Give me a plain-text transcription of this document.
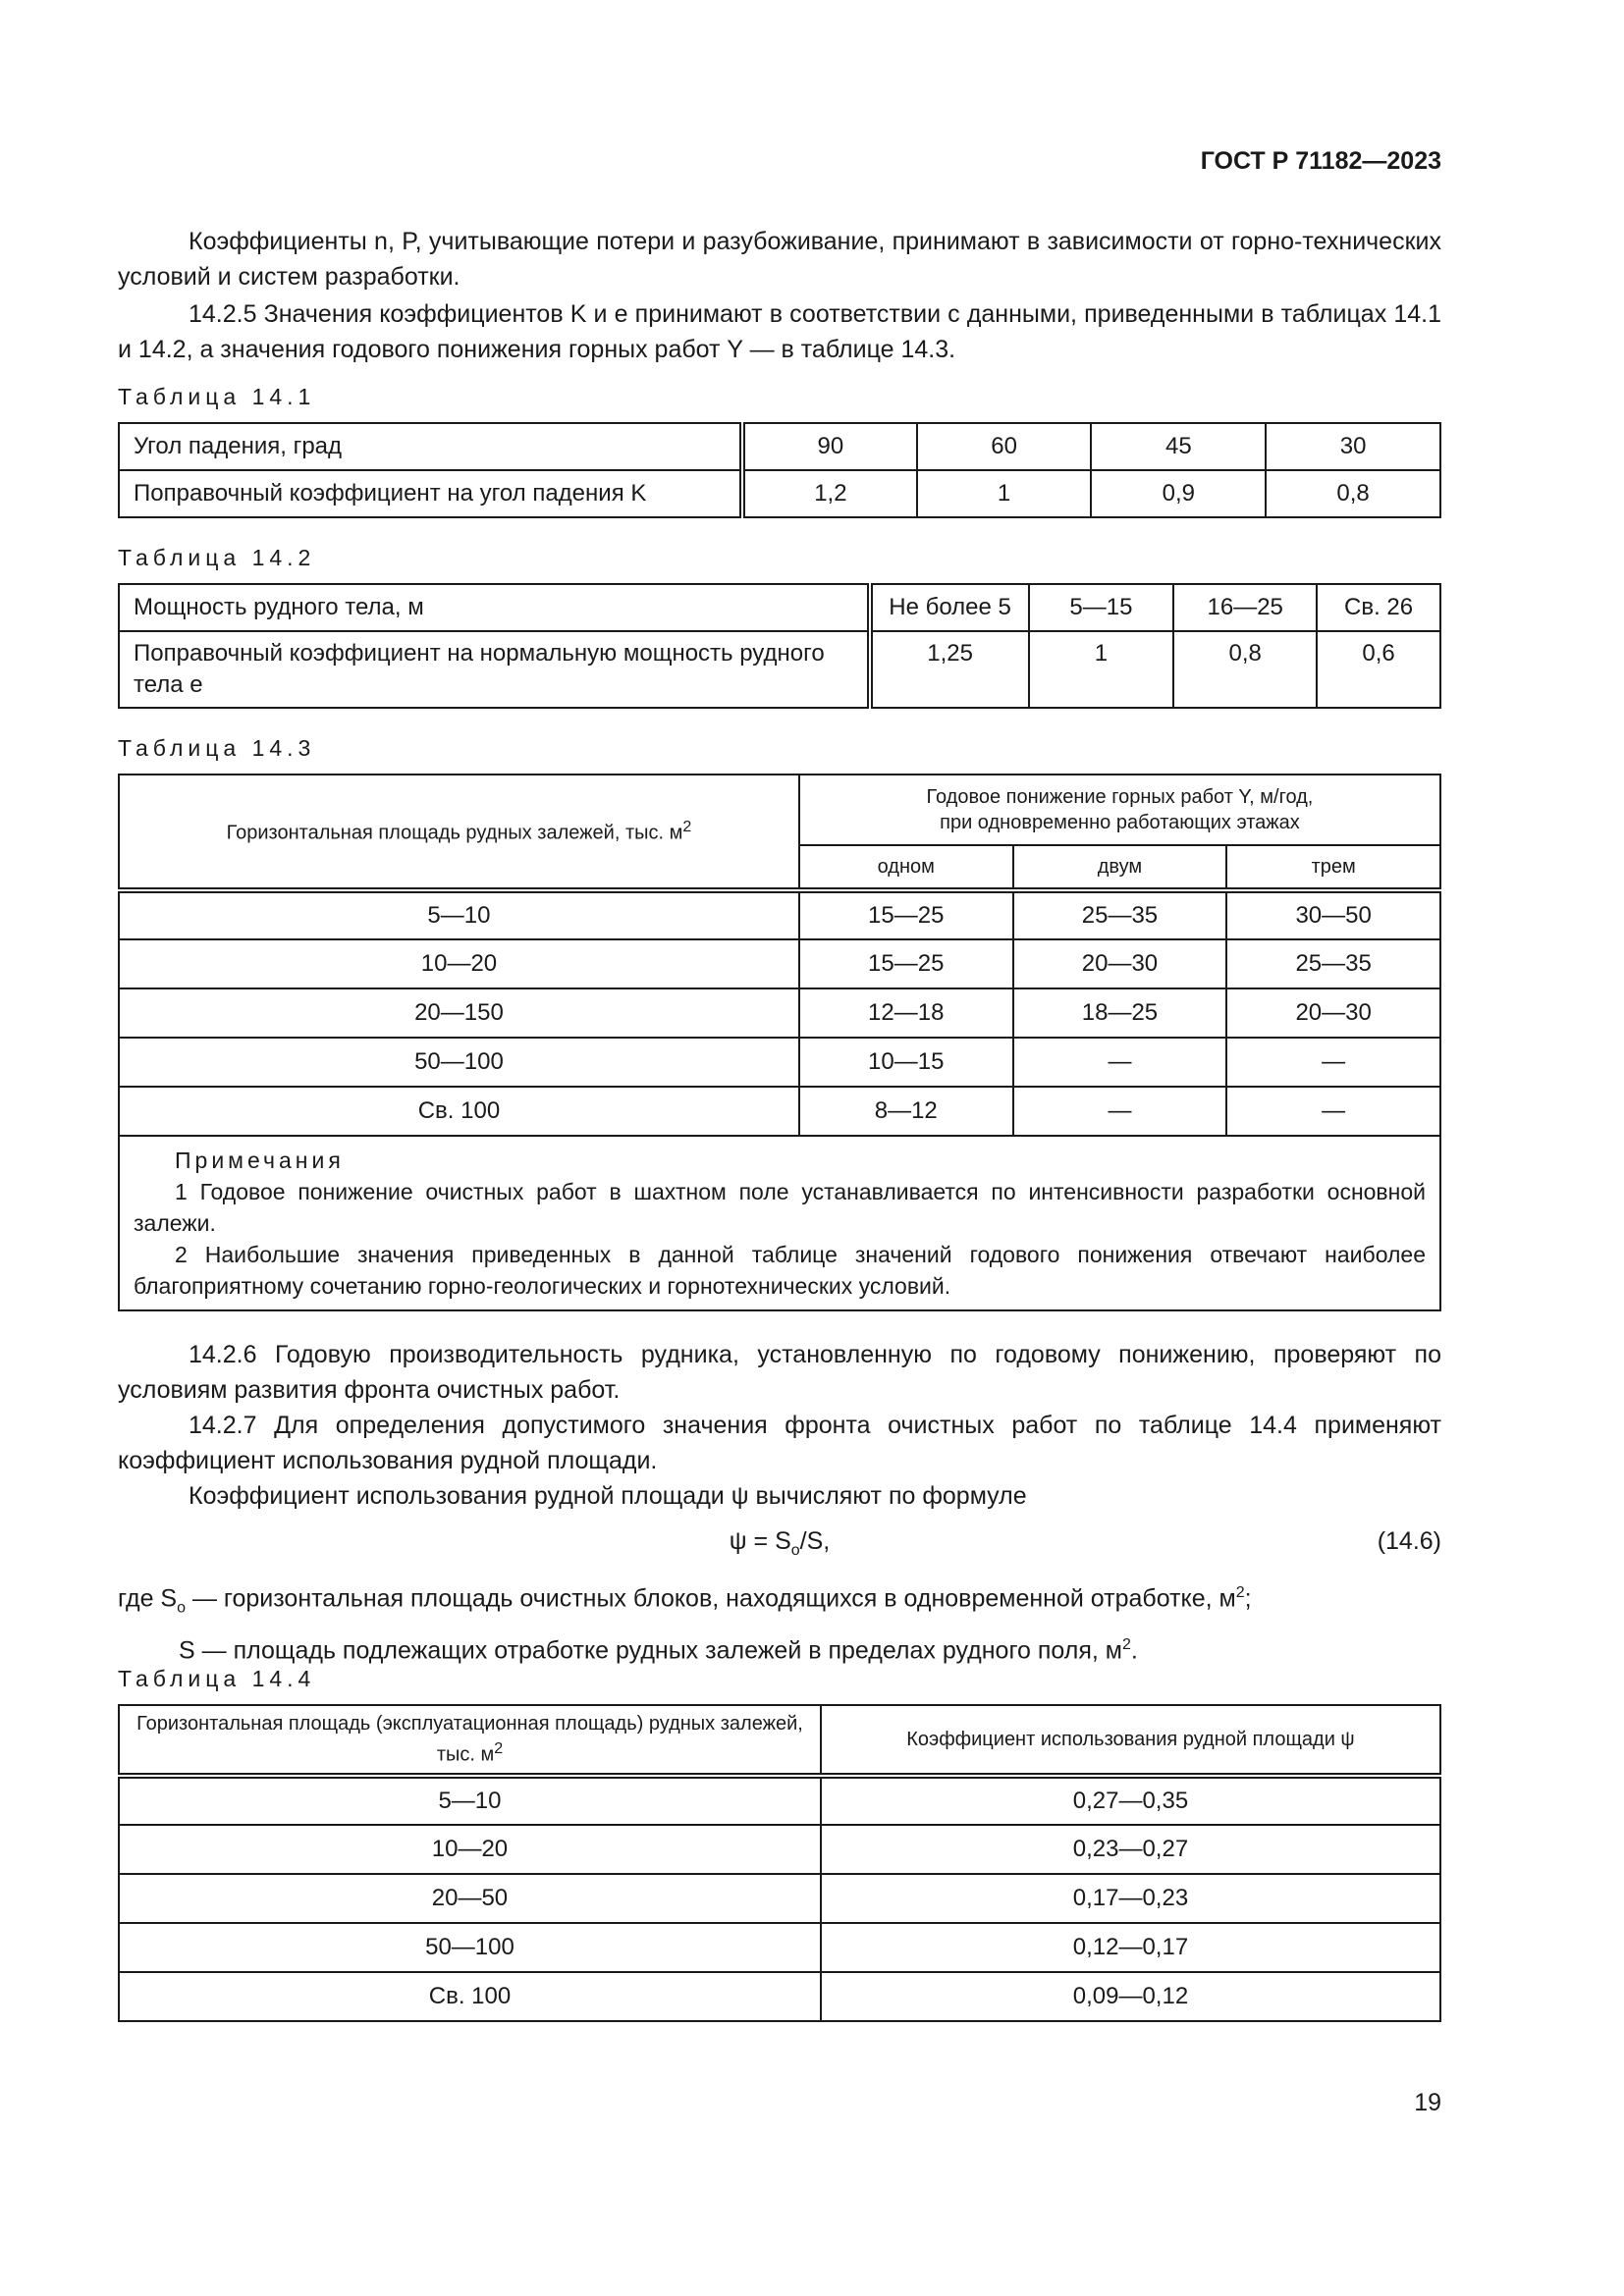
ГОСТ Р 71182—2023

Коэффициенты n, P, учитывающие потери и разубоживание, принимают в зависимости от горно-технических условий и систем разработки.

14.2.5 Значения коэффициентов K и e принимают в соответствии с данными, приведенными в таблицах 14.1 и 14.2, а значения годового понижения горных работ Y — в таблице 14.3.

Таблица 14.1

Угол падения, град	90	60	45	30
Поправочный коэффициент на угол падения K	1,2	1	0,9	0,8

Таблица 14.2

Мощность рудного тела, м	Не более 5	5—15	16—25	Св. 26
Поправочный коэффициент на нормальную мощность рудного тела e	1,25	1	0,8	0,6

Таблица 14.3

Горизонтальная площадь рудных залежей, тыс. $м^2$	Годовое понижение горных работ Y, м/год,
при одновременно работающих этажах		
	одном	двум	трем
5—10	15—25	25—35	30—50
10—20	15—25	20—30	25—35
20—150	12—18	18—25	20—30
50—100	10—15	—	—
Св. 100	8—12	—	—

Примечания
1 Годовое понижение очистных работ в шахтном поле устанавливается по интенсивности разработки основной залежи.
2 Наибольшие значения приведенных в данной таблице значений годового понижения отвечают наиболее благоприятному сочетанию горно-геологических и горнотехнических условий.			

14.2.6 Годовую производительность рудника, установленную по годовому понижению, проверяют по условиям развития фронта очистных работ.

14.2.7 Для определения допустимого значения фронта очистных работ по таблице 14.4 применяют коэффициент использования рудной площади.

Коэффициент использования рудной площади ψ вычисляют по формуле

$\psi = S_o/S$,	(14.6)
где $S_o$ — горизонтальная площадь очистных блоков, находящихся в одновременной отработке, $м^2$;
S — площадь подлежащих отработке рудных залежей в пределах рудного поля, $м^2$.

Таблица 14.4

Горизонтальная площадь (эксплуатационная площадь) рудных залежей, тыс. $м^2$	Коэффициент использования рудной площади ψ
5—10	0,27—0,35
10—20	0,23—0,27
20—50	0,17—0,23
50—100	0,12—0,17
Св. 100	0,09—0,12
19
